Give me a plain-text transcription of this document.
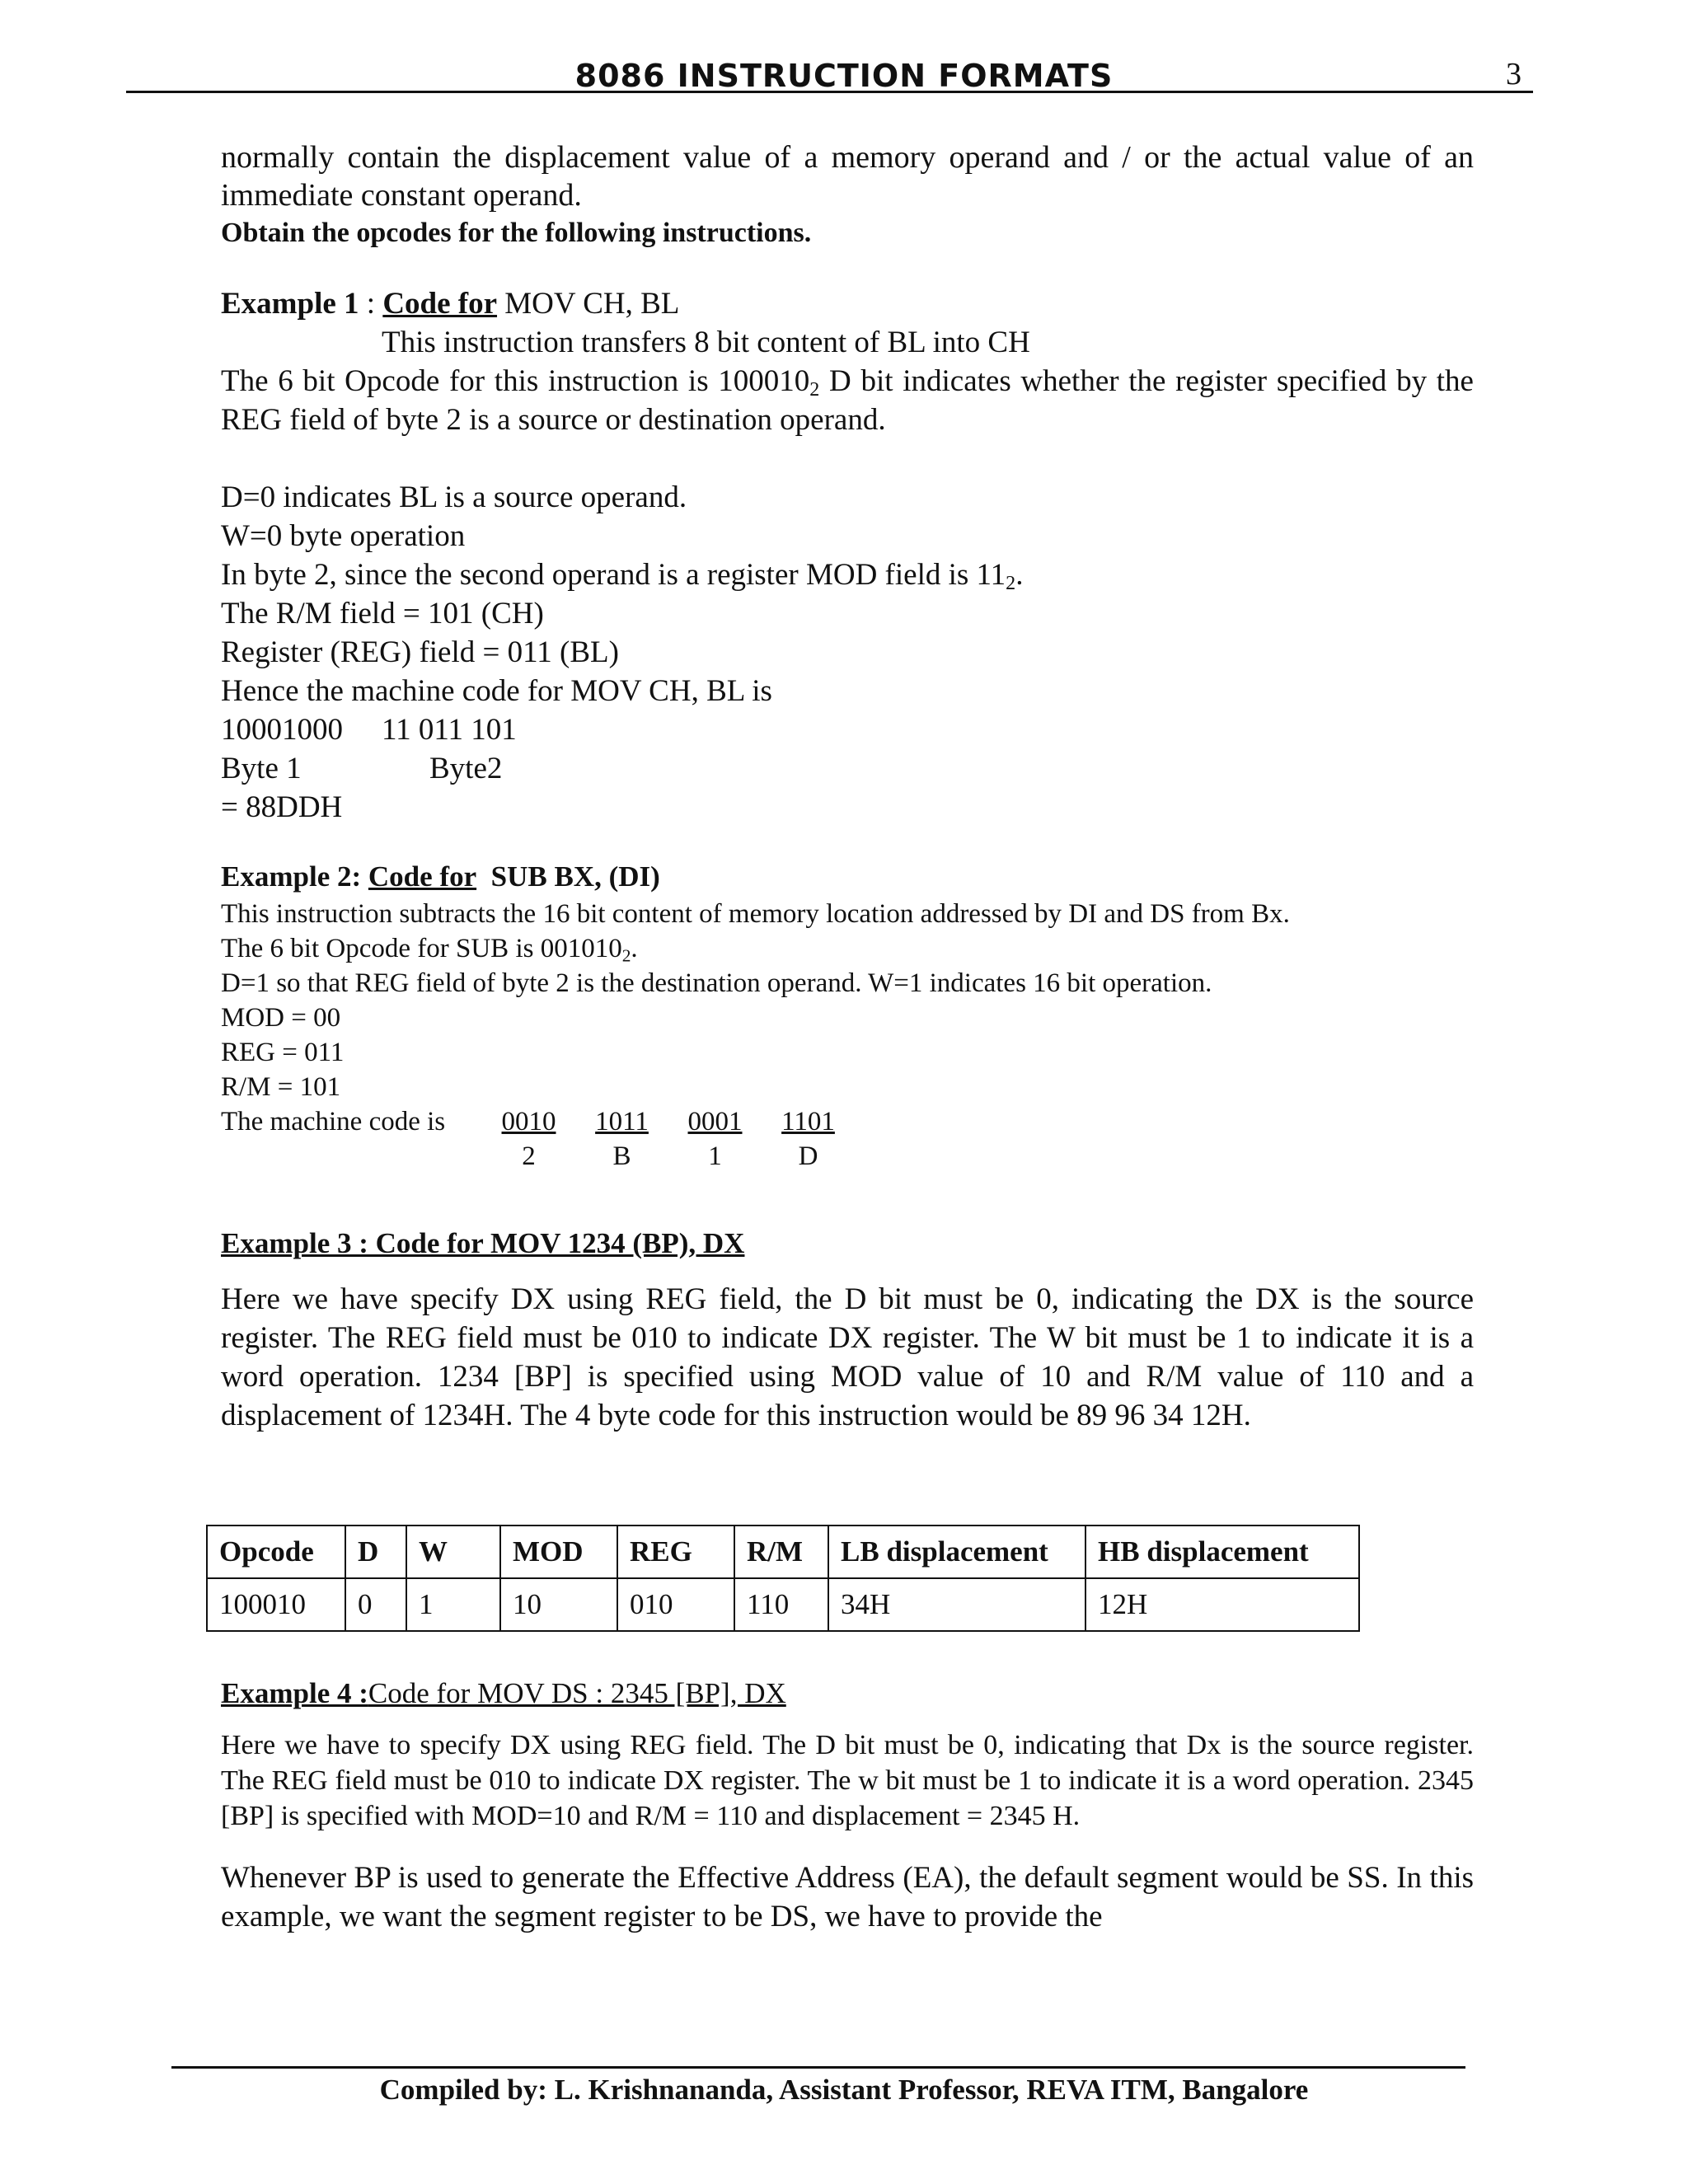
8086 INSTRUCTION FORMATS	3
normally contain the displacement value of a memory operand and / or the actual value of an immediate constant operand.
Obtain the opcodes for the following instructions.
Example 1 : Code for MOV CH, BL
This instruction transfers 8 bit content of BL into CH
The 6 bit Opcode for this instruction is $100010_2$ D bit indicates whether the register specified by the REG field of byte 2 is a source or destination operand.
D=0 indicates BL is a source operand.
W=0 byte operation
In byte 2, since the second operand is a register MOD field is $11_2$.
The R/M field = 101 (CH)
Register (REG) field = 011 (BL)
Hence the machine code for MOV CH, BL is
10001000 11 011 101
Byte 1	Byte2
= 88DDH
Example 2: Code for SUB BX, (DI)
This instruction subtracts the 16 bit content of memory location addressed by DI and DS from Bx.
The 6 bit Opcode for SUB is $001010_2$.
D=1 so that REG field of byte 2 is the destination operand. W=1 indicates 16 bit operation.
MOD = 00
REG = 011
R/M = 101
The machine code is 0010 1011 0001 1101
2	B	1	D
Example 3 : Code for MOV 1234 (BP), DX
Here we have specify DX using REG field, the D bit must be 0, indicating the DX is the source register. The REG field must be 010 to indicate DX register. The W bit must be 1 to indicate it is a word operation. 1234 [BP] is specified using MOD value of 10 and R/M value of 110 and a displacement of 1234H. The 4 byte code for this instruction would be 89 96 34 12H.
Opcode	D	W	MOD	REG	R/M	LB displacement	HB displacement
100010	0	1	10	010	110	34H	12H
Example 4 :Code for MOV DS : 2345 [BP], DX
Here we have to specify DX using REG field. The D bit must be 0, indicating that Dx is the source register. The REG field must be 010 to indicate DX register. The w bit must be 1 to indicate it is a word operation. 2345 [BP] is specified with MOD=10 and R/M = 110 and displacement = 2345 H.
Whenever BP is used to generate the Effective Address (EA), the default segment would be SS. In this example, we want the segment register to be DS, we have to provide the
Compiled by: L. Krishnananda, Assistant Professor, REVA ITM, Bangalore
